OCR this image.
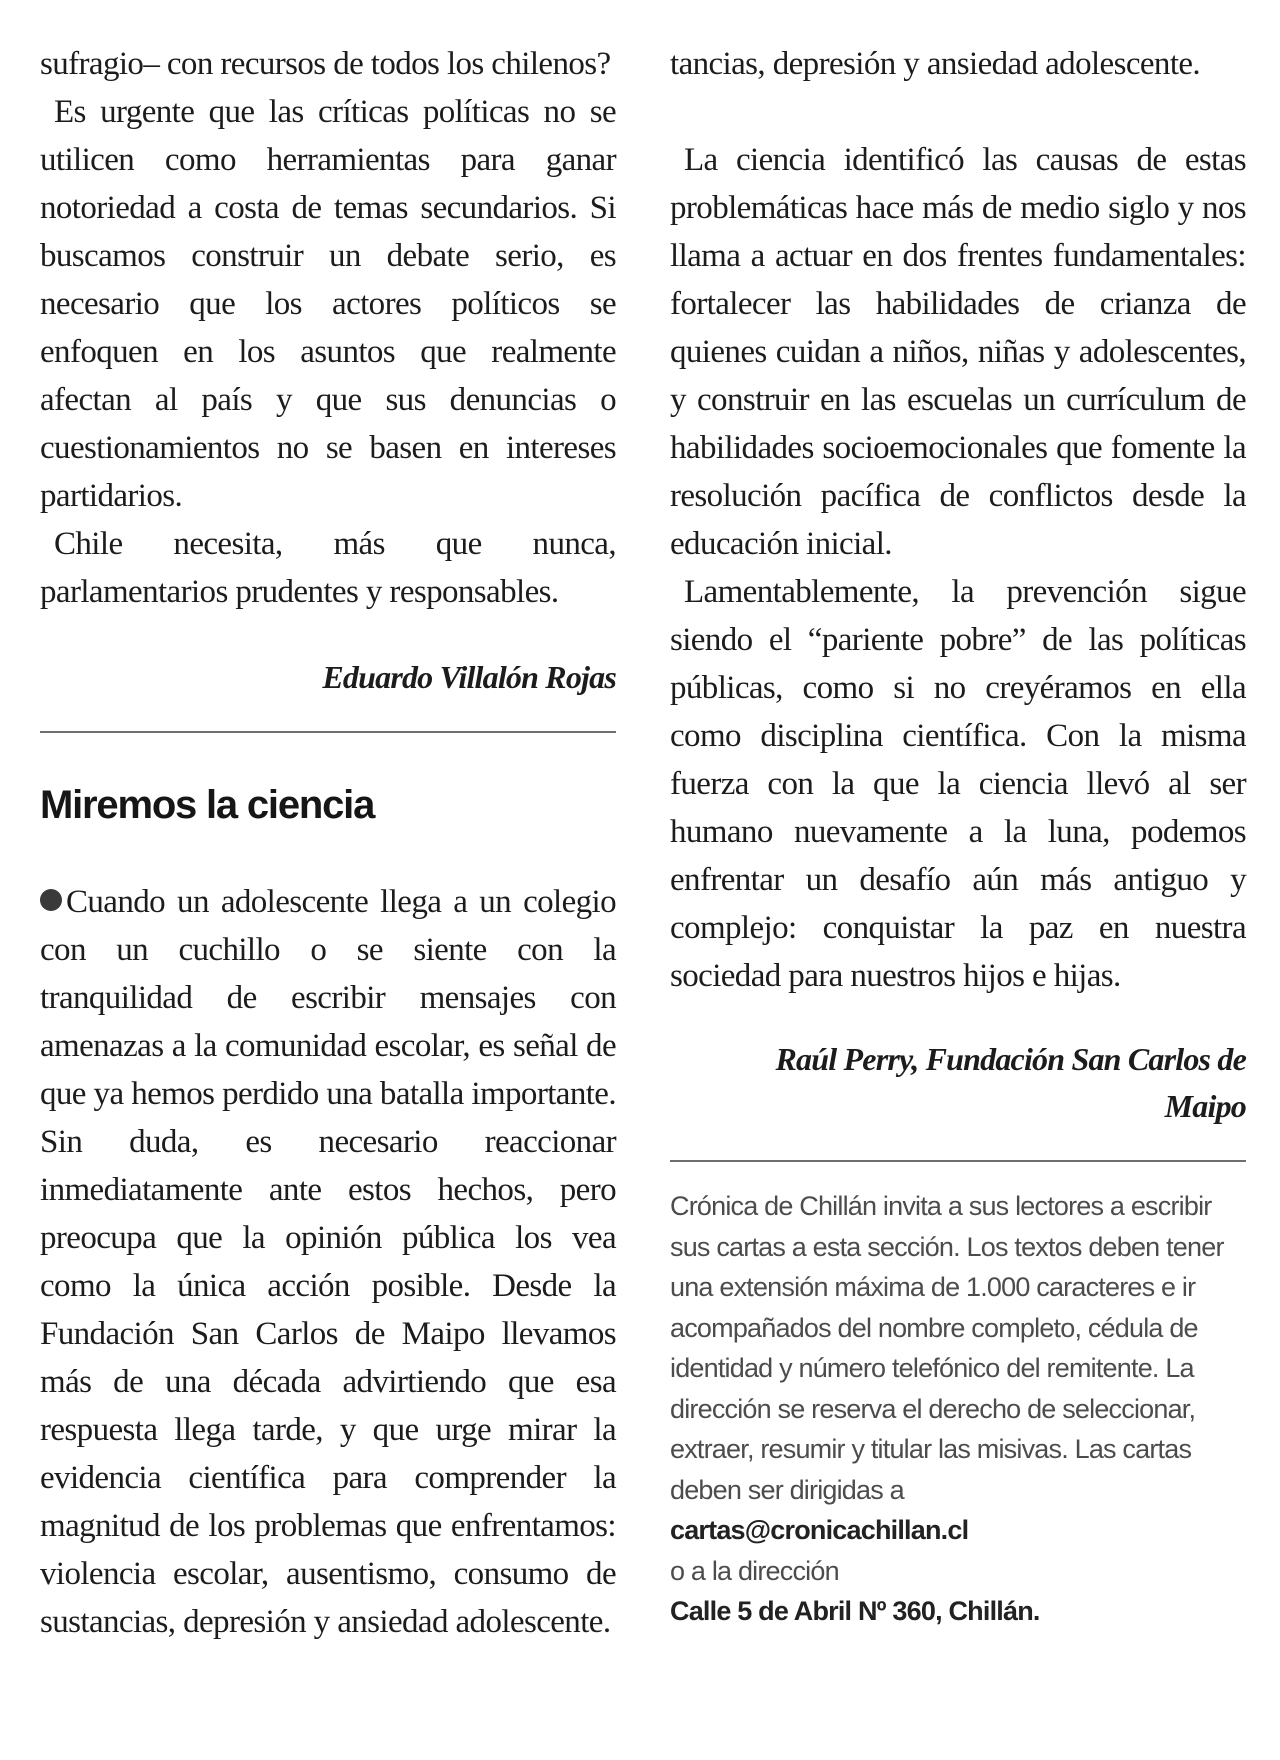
sufragio– con recursos de todos los chilenos?

Es urgente que las críticas políticas no se utilicen como herramientas para ganar notoriedad a costa de temas secundarios. Si buscamos construir un debate serio, es necesario que los actores políticos se enfoquen en los asuntos que realmente afectan al país y que sus denuncias o cuestionamientos no se basen en intereses partidarios.

Chile necesita, más que nunca, parlamentarios prudentes y responsables.

Eduardo Villalón Rojas

Miremos la ciencia

Cuando un adolescente llega a un colegio con un cuchillo o se siente con la tranquilidad de escribir mensajes con amenazas a la comunidad escolar, es señal de que ya hemos perdido una batalla importante. Sin duda, es necesario reaccionar inmediatamente ante estos hechos, pero preocupa que la opinión pública los vea como la única acción posible. Desde la Fundación San Carlos de Maipo llevamos más de una década advirtiendo que esa respuesta llega tarde, y que urge mirar la evidencia científica para comprender la magnitud de los problemas que enfrentamos: violencia escolar, ausentismo, consumo de sustancias, depresión y ansiedad adolescente.

tancias, depresión y ansiedad adolescente.

La ciencia identificó las causas de estas problemáticas hace más de medio siglo y nos llama a actuar en dos frentes fundamentales: fortalecer las habilidades de crianza de quienes cuidan a niños, niñas y adolescentes, y construir en las escuelas un currículum de habilidades socioemocionales que fomente la resolución pacífica de conflictos desde la educación inicial.

Lamentablemente, la prevención sigue siendo el “pariente pobre” de las políticas públicas, como si no creyéramos en ella como disciplina científica. Con la misma fuerza con la que la ciencia llevó al ser humano nuevamente a la luna, podemos enfrentar un desafío aún más antiguo y complejo: conquistar la paz en nuestra sociedad para nuestros hijos e hijas.

Raúl Perry, Fundación San Carlos de Maipo

Crónica de Chillán invita a sus lectores a escribir sus cartas a esta sección. Los textos deben tener una extensión máxima de 1.000 caracteres e ir acompañados del nombre completo, cédula de identidad y número telefónico del remitente. La dirección se reserva el derecho de seleccionar, extraer, resumir y titular las misivas. Las cartas deben ser dirigidas a

cartas@cronicachillan.cl

o a la dirección

Calle 5 de Abril Nº 360, Chillán.
